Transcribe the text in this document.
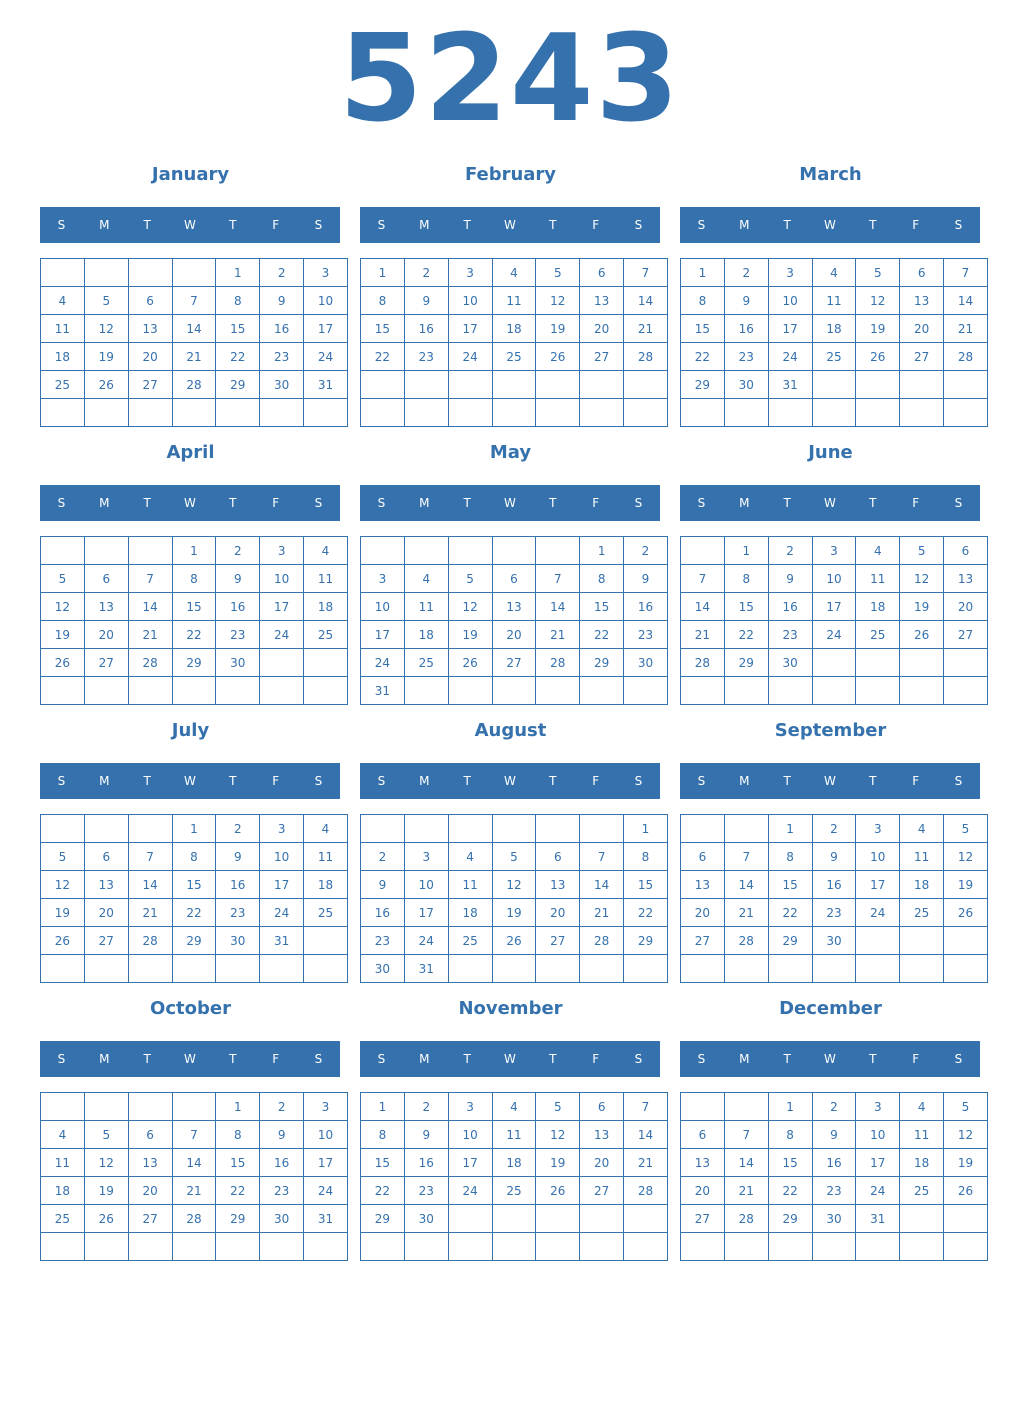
5243
January
S	M	T	W	T	F	S
				1	2	3
4	5	6	7	8	9	10
11	12	13	14	15	16	17
18	19	20	21	22	23	24
25	26	27	28	29	30	31

February
S	M	T	W	T	F	S
1	2	3	4	5	6	7
8	9	10	11	12	13	14
15	16	17	18	19	20	21
22	23	24	25	26	27	28

March
S	M	T	W	T	F	S
1	2	3	4	5	6	7
8	9	10	11	12	13	14
15	16	17	18	19	20	21
22	23	24	25	26	27	28
29	30	31				

April
S	M	T	W	T	F	S
			1	2	3	4
5	6	7	8	9	10	11
12	13	14	15	16	17	18
19	20	21	22	23	24	25
26	27	28	29	30		

May
S	M	T	W	T	F	S
					1	2
3	4	5	6	7	8	9
10	11	12	13	14	15	16
17	18	19	20	21	22	23
24	25	26	27	28	29	30
31						
June
S	M	T	W	T	F	S
	1	2	3	4	5	6
7	8	9	10	11	12	13
14	15	16	17	18	19	20
21	22	23	24	25	26	27
28	29	30				

July
S	M	T	W	T	F	S
			1	2	3	4
5	6	7	8	9	10	11
12	13	14	15	16	17	18
19	20	21	22	23	24	25
26	27	28	29	30	31	

August
S	M	T	W	T	F	S
						1
2	3	4	5	6	7	8
9	10	11	12	13	14	15
16	17	18	19	20	21	22
23	24	25	26	27	28	29
30	31					
September
S	M	T	W	T	F	S
		1	2	3	4	5
6	7	8	9	10	11	12
13	14	15	16	17	18	19
20	21	22	23	24	25	26
27	28	29	30			

October
S	M	T	W	T	F	S
				1	2	3
4	5	6	7	8	9	10
11	12	13	14	15	16	17
18	19	20	21	22	23	24
25	26	27	28	29	30	31

November
S	M	T	W	T	F	S
1	2	3	4	5	6	7
8	9	10	11	12	13	14
15	16	17	18	19	20	21
22	23	24	25	26	27	28
29	30					

December
S	M	T	W	T	F	S
		1	2	3	4	5
6	7	8	9	10	11	12
13	14	15	16	17	18	19
20	21	22	23	24	25	26
27	28	29	30	31		
